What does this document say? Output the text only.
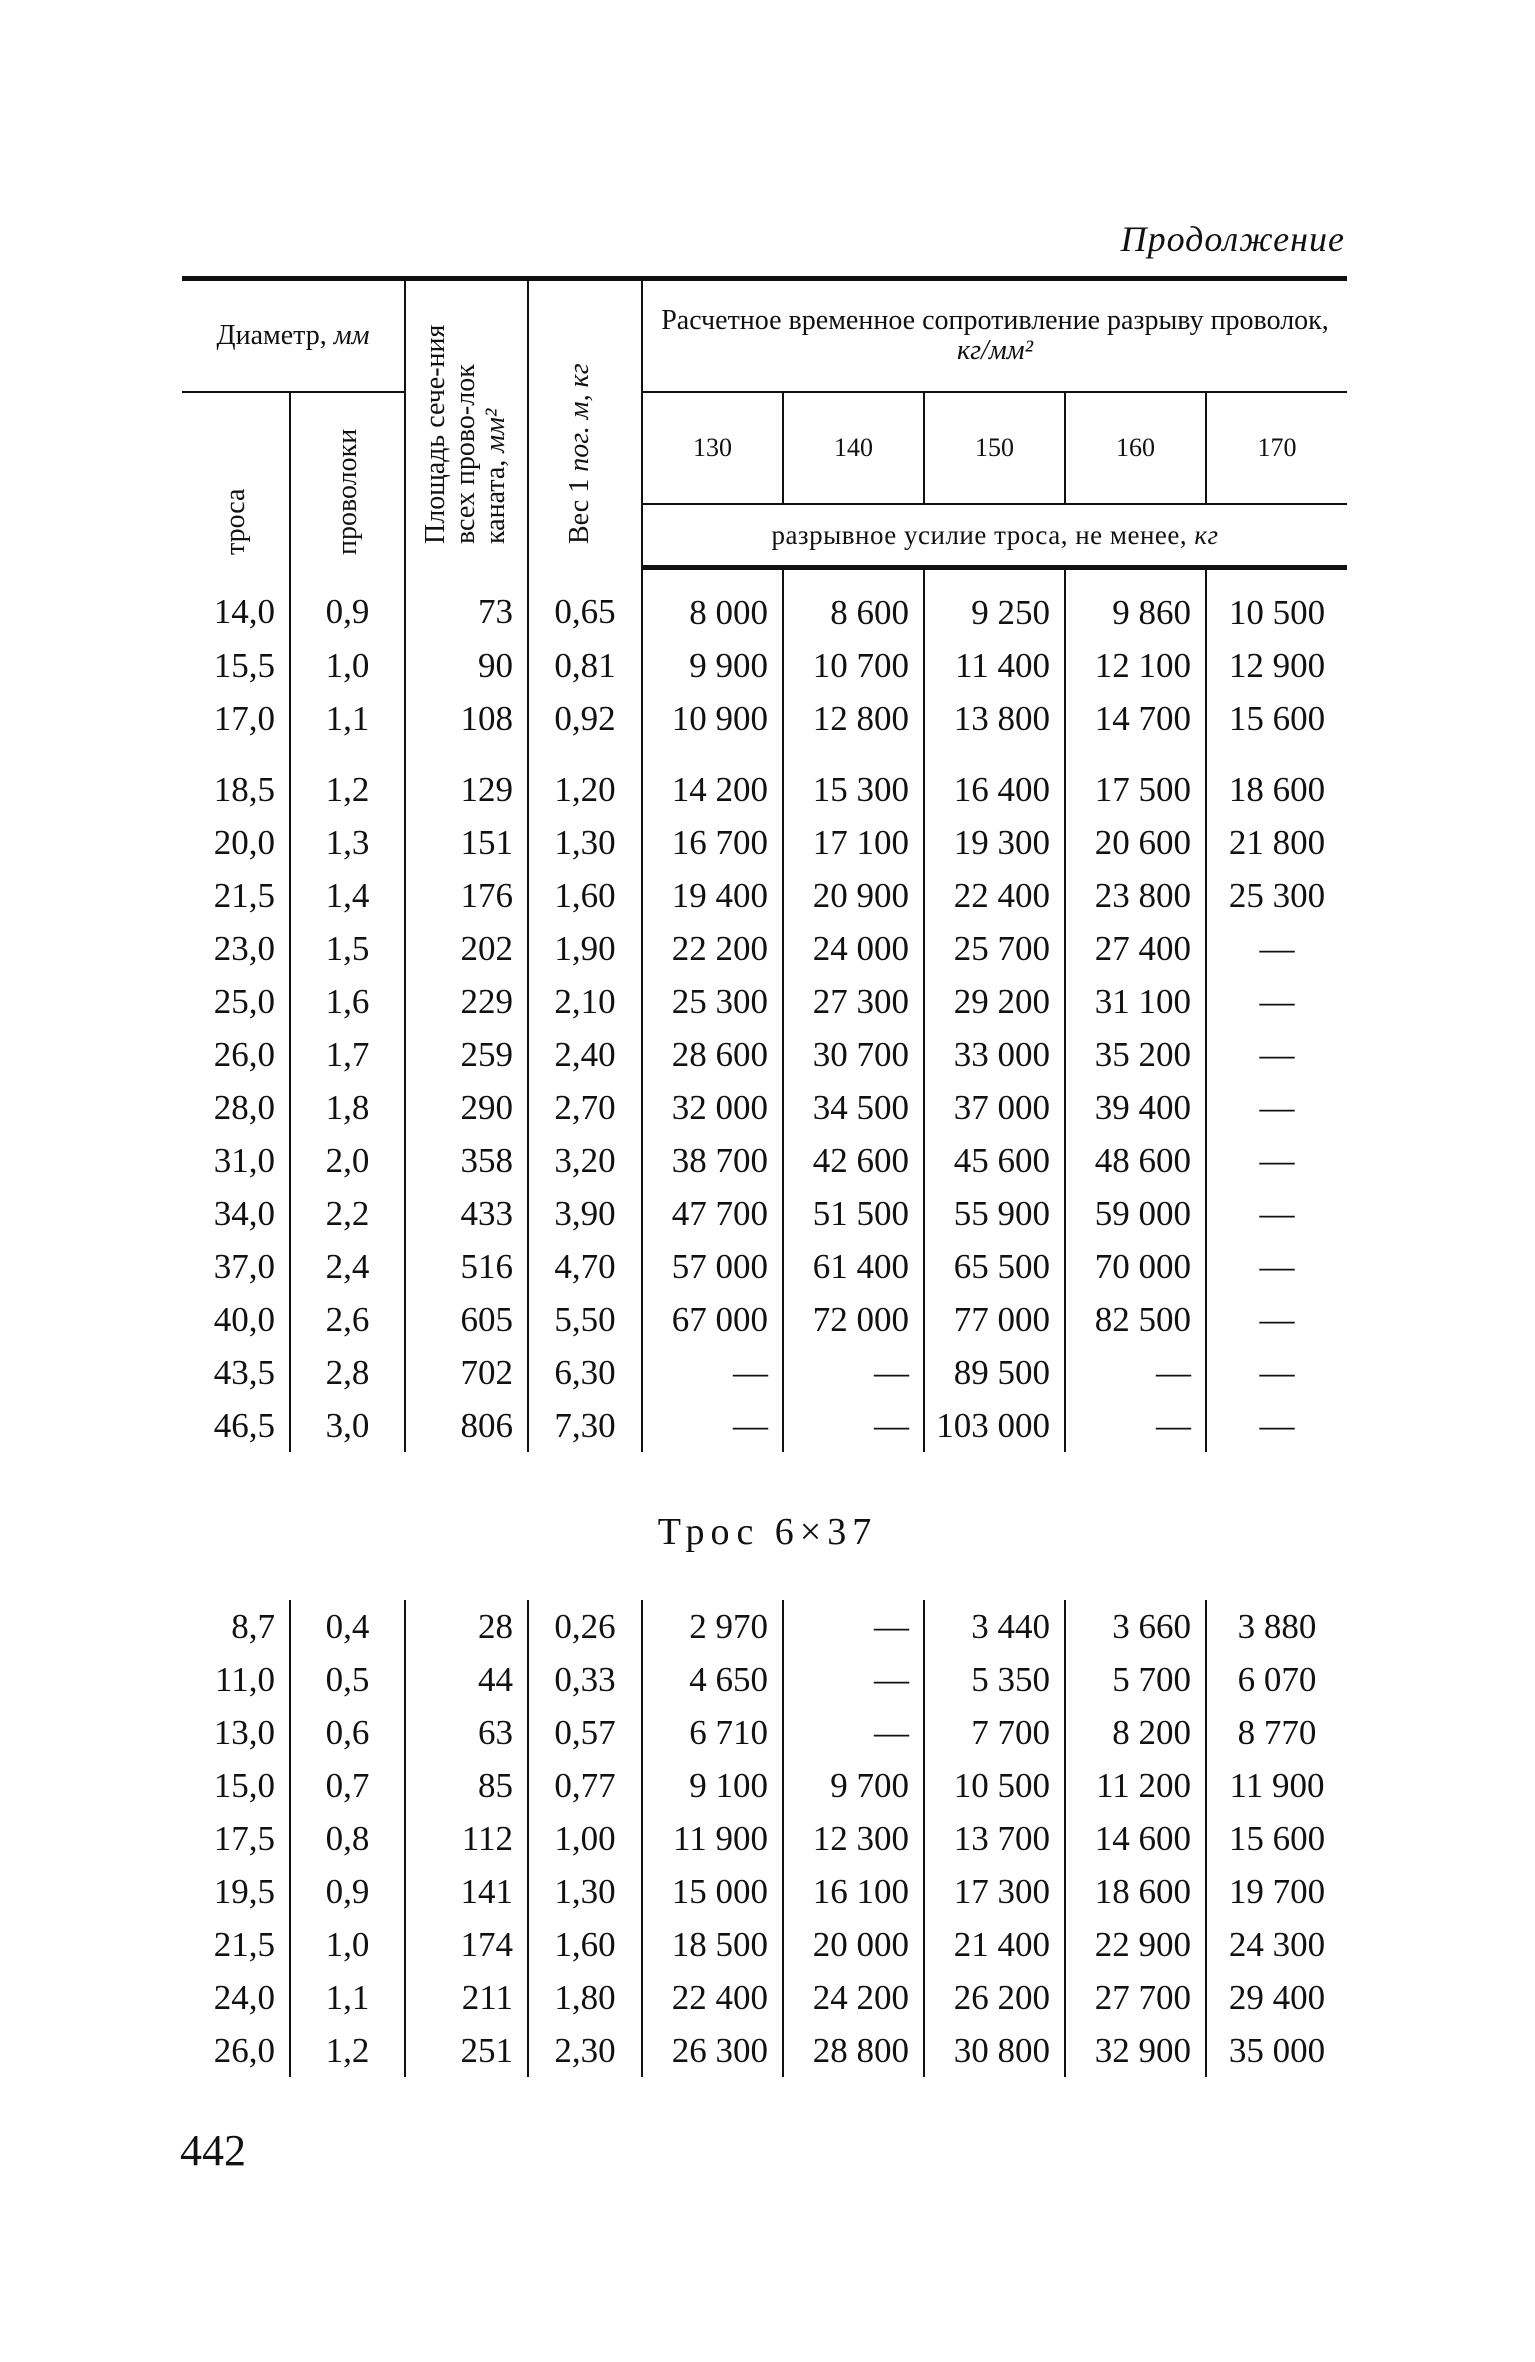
Продолжение

Диаметр, мм		Площадь сече-ния всех прово-лок каната, мм²	Вес 1 пог. м, кг	Расчетное временное сопротивление разрыву проволок, кг/мм²				

троса	проволоки			130	140	150	160	170
				разрывное усилие троса, не менее, кг				
14,0	0,9	73	0,65	8 000	8 600	9 250	9 860	10 500
15,5	1,0	90	0,81	9 900	10 700	11 400	12 100	12 900
17,0	1,1	108	0,92	10 900	12 800	13 800	14 700	15 600

18,5	1,2	129	1,20	14 200	15 300	16 400	17 500	18 600
20,0	1,3	151	1,30	16 700	17 100	19 300	20 600	21 800
21,5	1,4	176	1,60	19 400	20 900	22 400	23 800	25 300
23,0	1,5	202	1,90	22 200	24 000	25 700	27 400	—
25,0	1,6	229	2,10	25 300	27 300	29 200	31 100	—
26,0	1,7	259	2,40	28 600	30 700	33 000	35 200	—
28,0	1,8	290	2,70	32 000	34 500	37 000	39 400	—
31,0	2,0	358	3,20	38 700	42 600	45 600	48 600	—
34,0	2,2	433	3,90	47 700	51 500	55 900	59 000	—
37,0	2,4	516	4,70	57 000	61 400	65 500	70 000	—
40,0	2,6	605	5,50	67 000	72 000	77 000	82 500	—
43,5	2,8	702	6,30	—	—	89 500	—	—
46,5	3,0	806	7,30	—	—	103 000	—	—
Трос 6×37
8,7	0,4	28	0,26	2 970	—	3 440	3 660	3 880
11,0	0,5	44	0,33	4 650	—	5 350	5 700	6 070
13,0	0,6	63	0,57	6 710	—	7 700	8 200	8 770
15,0	0,7	85	0,77	9 100	9 700	10 500	11 200	11 900
17,5	0,8	112	1,00	11 900	12 300	13 700	14 600	15 600
19,5	0,9	141	1,30	15 000	16 100	17 300	18 600	19 700
21,5	1,0	174	1,60	18 500	20 000	21 400	22 900	24 300
24,0	1,1	211	1,80	22 400	24 200	26 200	27 700	29 400
26,0	1,2	251	2,30	26 300	28 800	30 800	32 900	35 000
442
